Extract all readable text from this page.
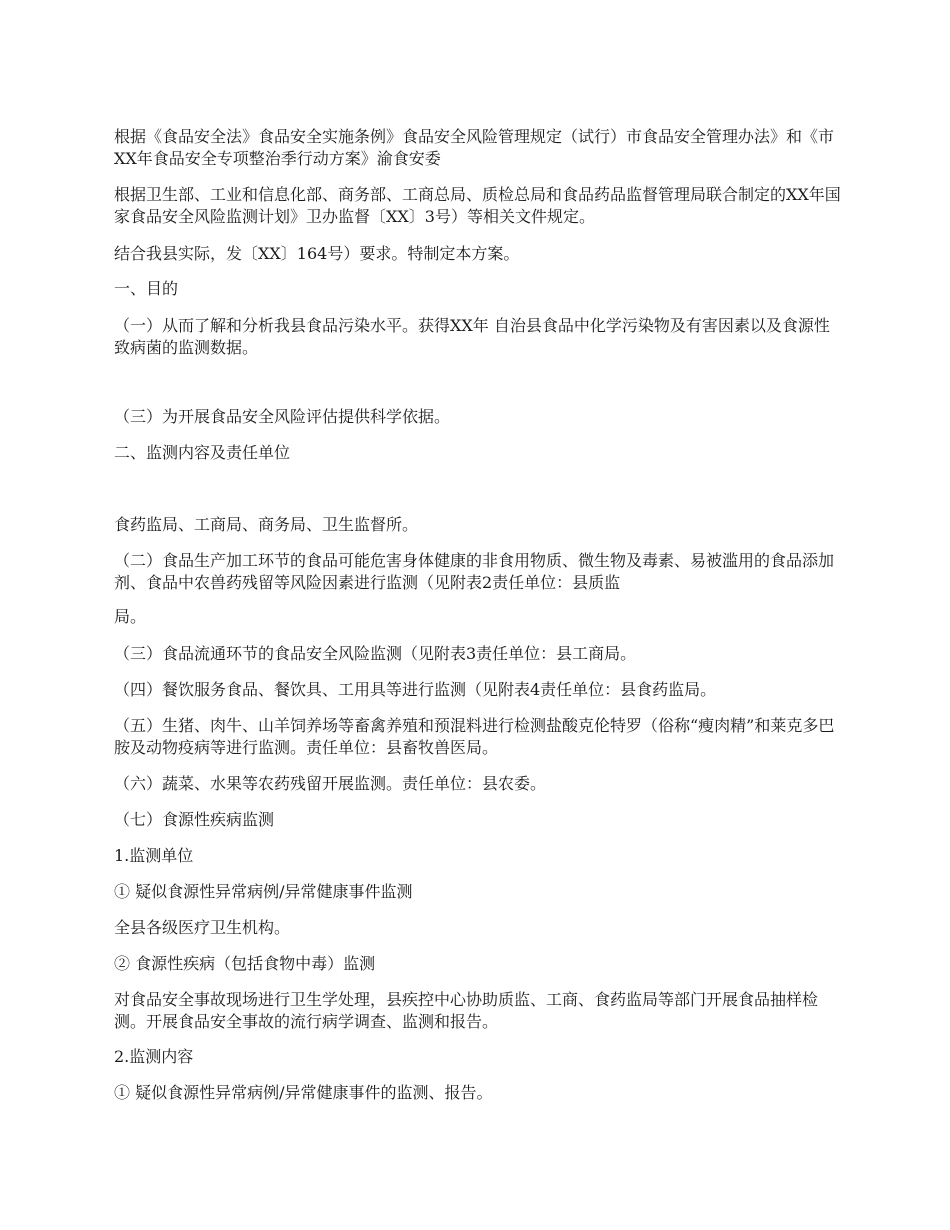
根据《食品安全法》食品安全实施条例》食品安全风险管理规定（试行）市食品安全管理办法》和《市XX年食品安全专项整治季行动方案》渝食安委

根据卫生部、工业和信息化部、商务部、工商总局、质检总局和食品药品监督管理局联合制定的XX年国家食品安全风险监测计划》卫办监督〔XX〕3号）等相关文件规定。

结合我县实际，发〔XX〕164号）要求。特制定本方案。

一、目的

（一）从而了解和分析我县食品污染水平。获得XX年 自治县食品中化学污染物及有害因素以及食源性致病菌的监测数据。

（三）为开展食品安全风险评估提供科学依据。

二、监测内容及责任单位

食药监局、工商局、商务局、卫生监督所。

（二）食品生产加工环节的食品可能危害身体健康的非食用物质、微生物及毒素、易被滥用的食品添加剂、食品中农兽药残留等风险因素进行监测（见附表2责任单位：县质监

局。

（三）食品流通环节的食品安全风险监测（见附表3责任单位：县工商局。

（四）餐饮服务食品、餐饮具、工用具等进行监测（见附表4责任单位：县食药监局。

（五）生猪、肉牛、山羊饲养场等畜禽养殖和预混料进行检测盐酸克伦特罗（俗称“瘦肉精”和莱克多巴胺及动物疫病等进行监测。责任单位：县畜牧兽医局。

（六）蔬菜、水果等农药残留开展监测。责任单位：县农委。

（七）食源性疾病监测

1.监测单位

① 疑似食源性异常病例/异常健康事件监测

全县各级医疗卫生机构。

② 食源性疾病（包括食物中毒）监测

对食品安全事故现场进行卫生学处理，县疾控中心协助质监、工商、食药监局等部门开展食品抽样检测。开展食品安全事故的流行病学调查、监测和报告。

2.监测内容

① 疑似食源性异常病例/异常健康事件的监测、报告。
